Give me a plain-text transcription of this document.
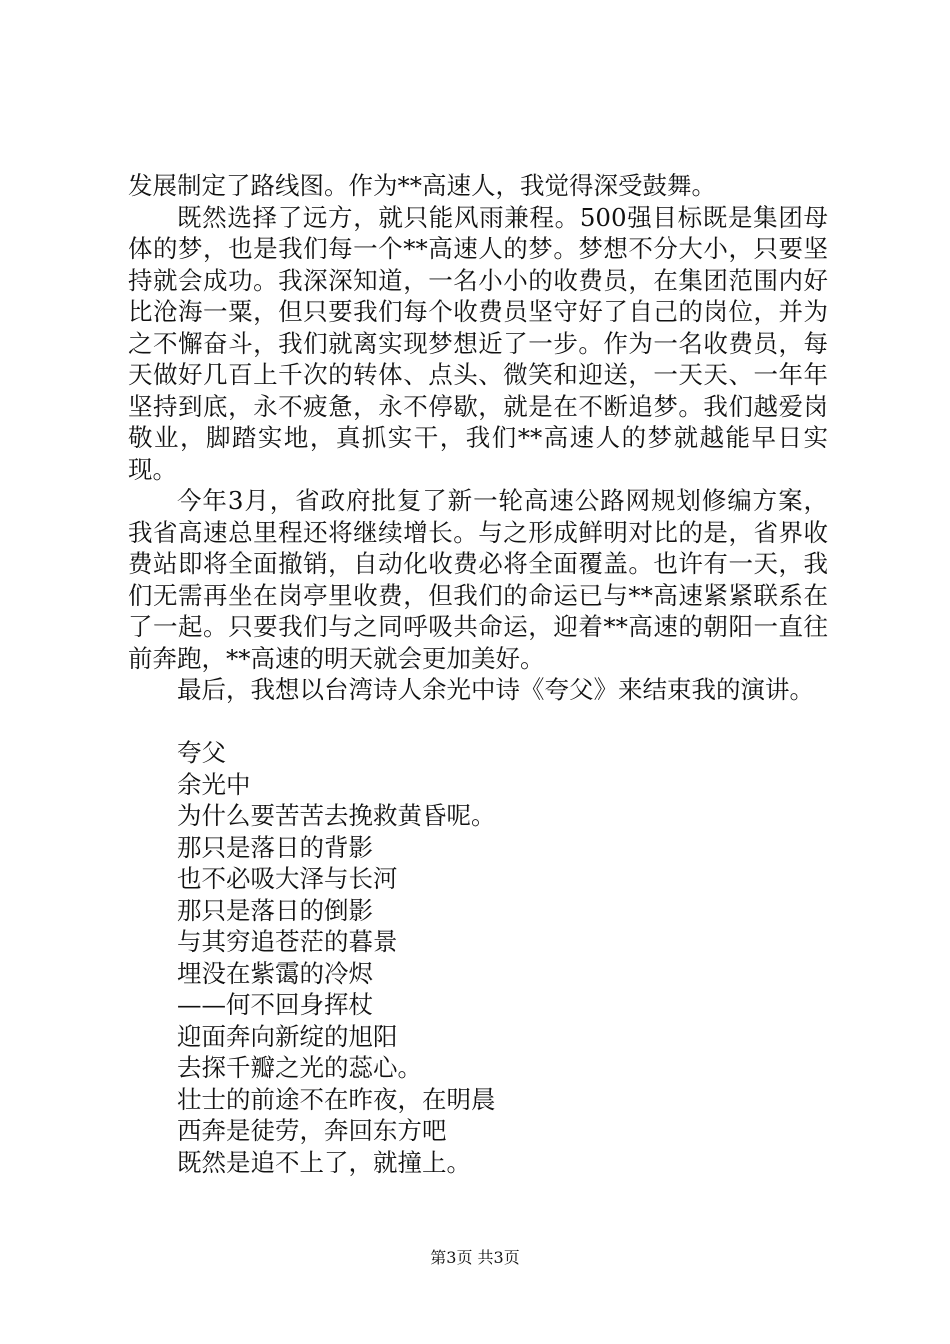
发展制定了路线图。作为**高速人，我觉得深受鼓舞。

既然选择了远方，就只能风雨兼程。500强目标既是集团母体的梦，也是我们每一个**高速人的梦。梦想不分大小，只要坚持就会成功。我深深知道，一名小小的收费员，在集团范围内好比沧海一粟，但只要我们每个收费员坚守好了自己的岗位，并为之不懈奋斗，我们就离实现梦想近了一步。作为一名收费员，每天做好几百上千次的转体、点头、微笑和迎送，一天天、一年年坚持到底，永不疲惫，永不停歇，就是在不断追梦。我们越爱岗敬业，脚踏实地，真抓实干，我们**高速人的梦就越能早日实现。

今年3月，省政府批复了新一轮高速公路网规划修编方案，我省高速总里程还将继续增长。与之形成鲜明对比的是，省界收费站即将全面撤销，自动化收费必将全面覆盖。也许有一天，我们无需再坐在岗亭里收费，但我们的命运已与**高速紧紧联系在了一起。只要我们与之同呼吸共命运，迎着**高速的朝阳一直往前奔跑，**高速的明天就会更加美好。

最后，我想以台湾诗人余光中诗《夸父》来结束我的演讲。

夸父
余光中
为什么要苦苦去挽救黄昏呢。
那只是落日的背影
也不必吸大泽与长河
那只是落日的倒影
与其穷追苍茫的暮景
埋没在紫霭的冷烬
——何不回身挥杖
迎面奔向新绽的旭阳
去探千瓣之光的蕊心。
壮士的前途不在昨夜，在明晨
西奔是徒劳，奔回东方吧
既然是追不上了，就撞上。
第3页 共3页
